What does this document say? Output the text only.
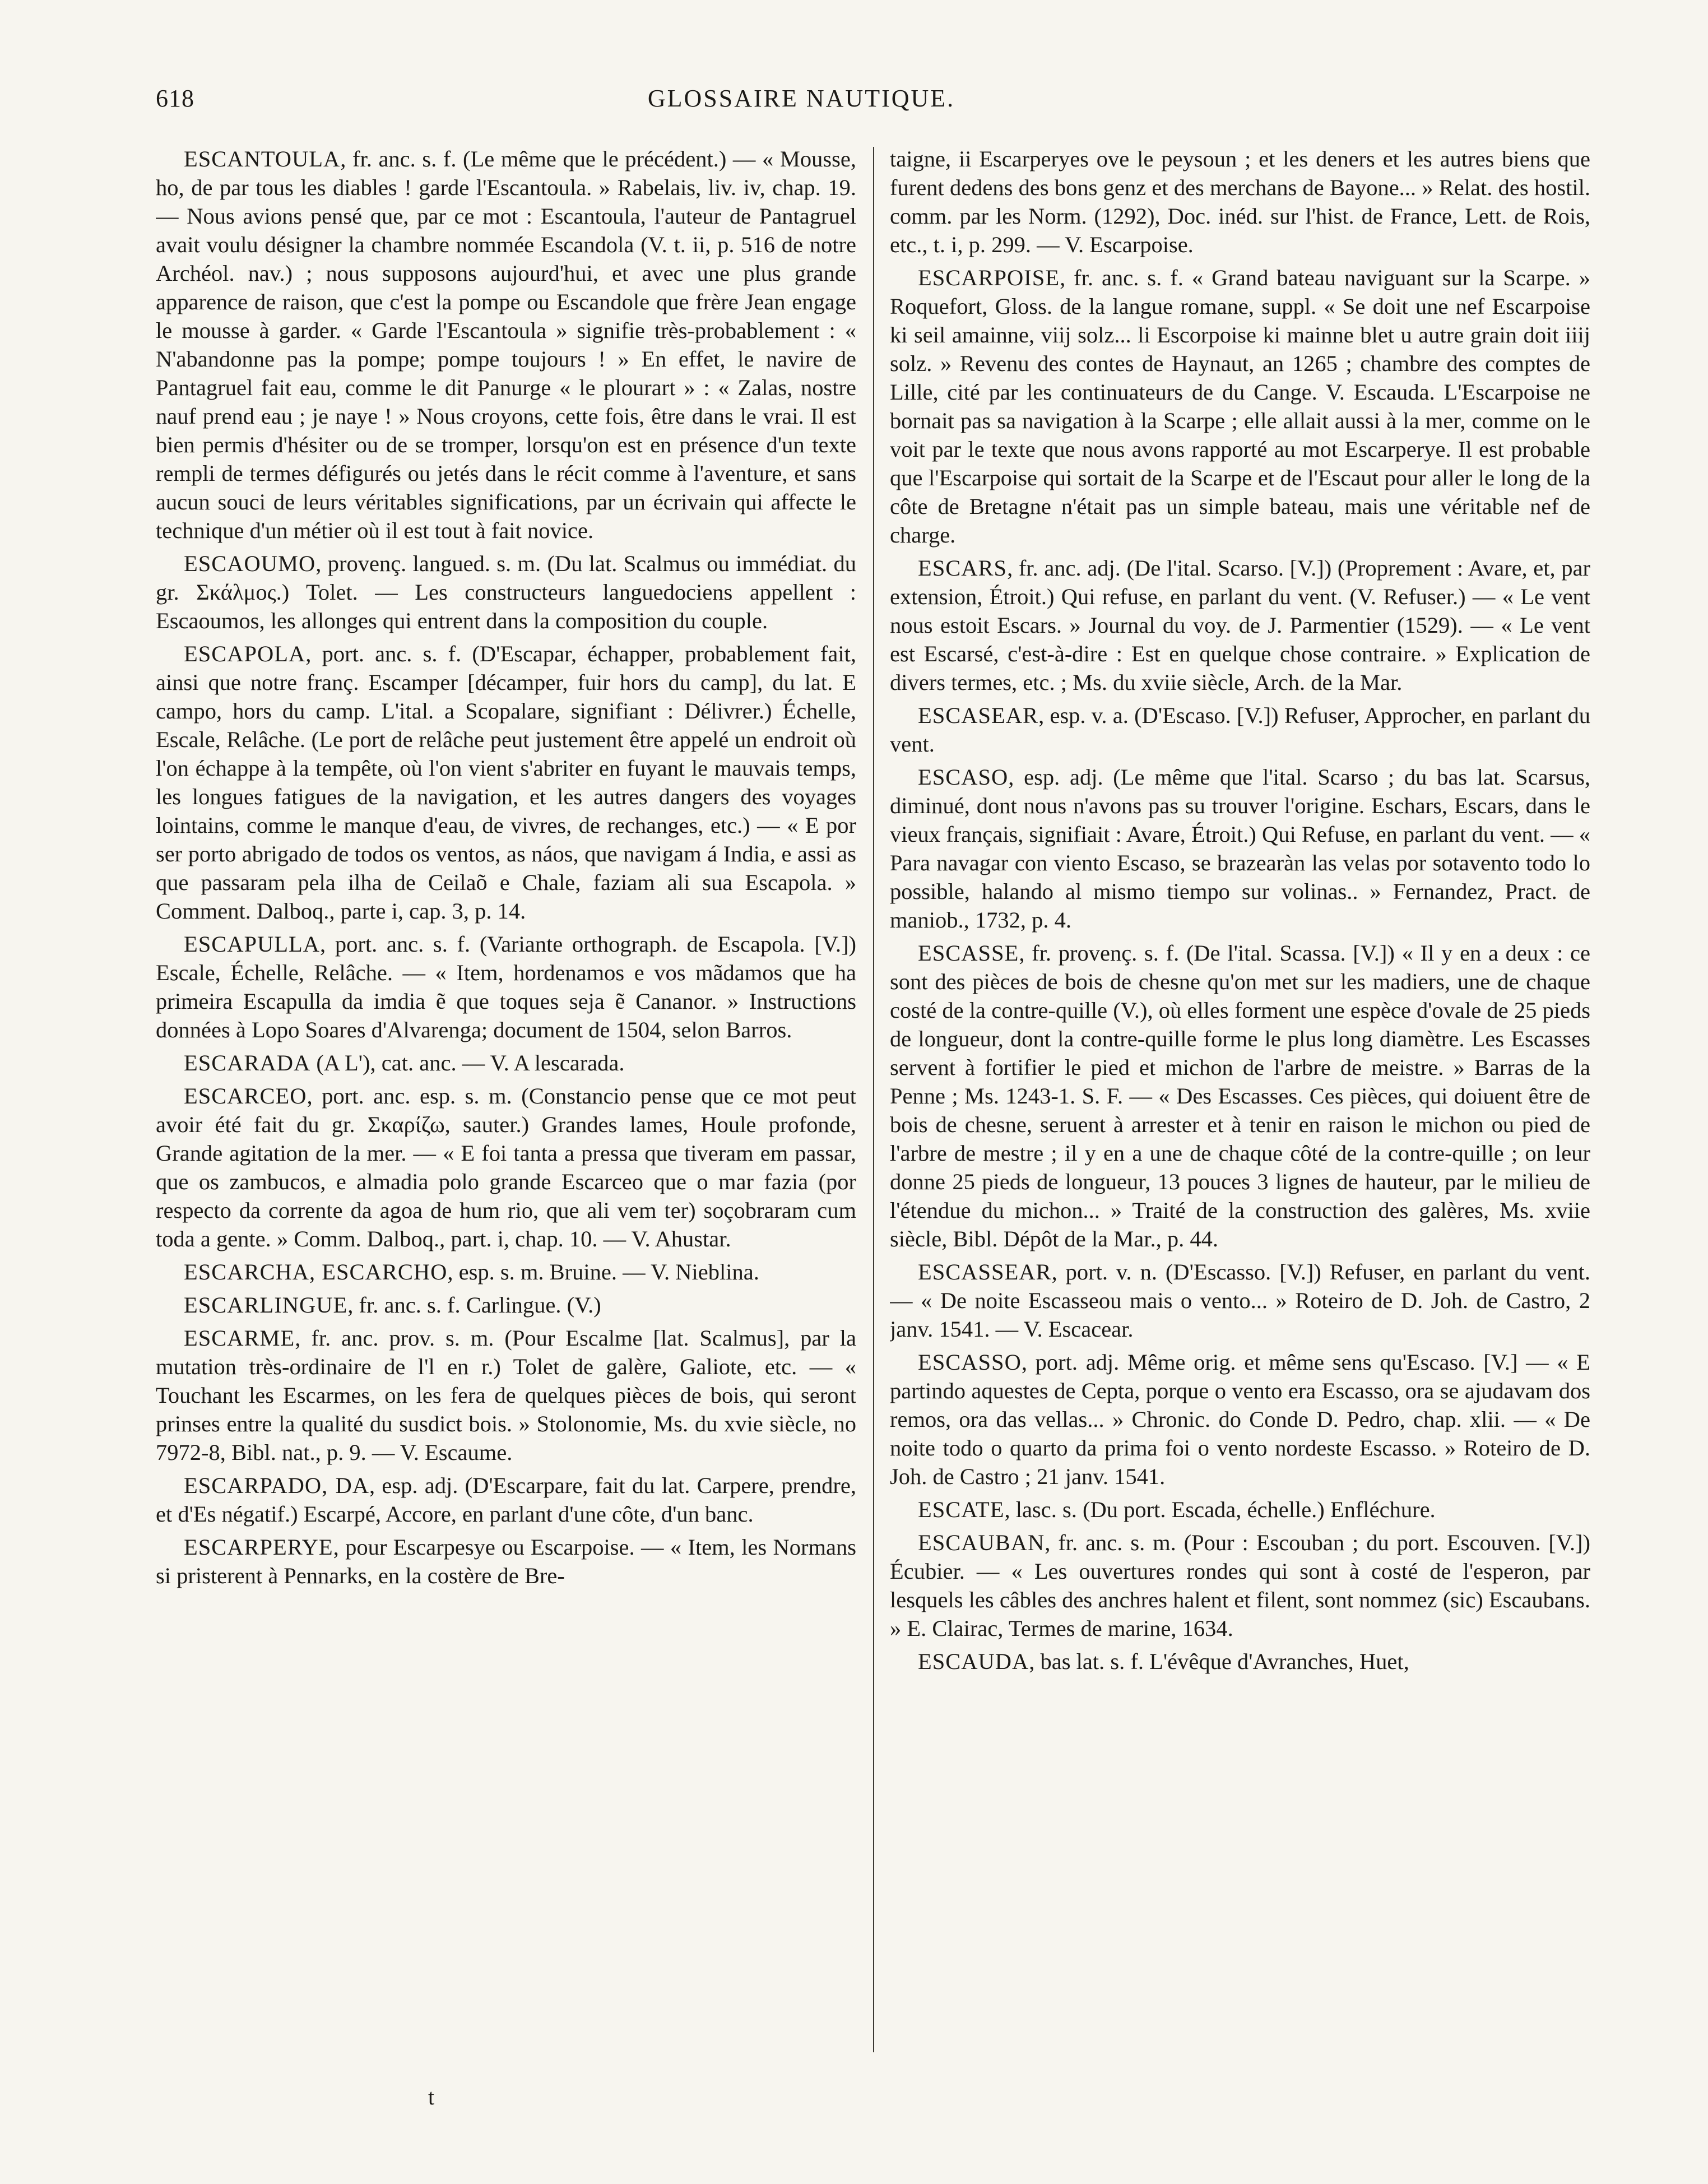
618	GLOSSAIRE NAUTIQUE.

ESCANTOULA, fr. anc. s. f. (Le même que le précédent.) — « Mousse, ho, de par tous les diables ! garde l'Escantoula. » Rabelais, liv. iv, chap. 19. — Nous avions pensé que, par ce mot : Escantoula, l'auteur de Pantagruel avait voulu désigner la chambre nommée Escandola (V. t. ii, p. 516 de notre Archéol. nav.) ; nous supposons aujourd'hui, et avec une plus grande apparence de raison, que c'est la pompe ou Escandole que frère Jean engage le mousse à garder. « Garde l'Escantoula » signifie très-probablement : « N'abandonne pas la pompe; pompe toujours ! » En effet, le navire de Pantagruel fait eau, comme le dit Panurge « le plourart » : « Zalas, nostre nauf prend eau ; je naye ! » Nous croyons, cette fois, être dans le vrai. Il est bien permis d'hésiter ou de se tromper, lorsqu'on est en présence d'un texte rempli de termes défigurés ou jetés dans le récit comme à l'aventure, et sans aucun souci de leurs véritables significations, par un écrivain qui affecte le technique d'un métier où il est tout à fait novice.

ESCAOUMO, provenç. langued. s. m. (Du lat. Scalmus ou immédiat. du gr. Σκάλμος.) Tolet. — Les constructeurs languedociens appellent : Escaoumos, les allonges qui entrent dans la composition du couple.

ESCAPOLA, port. anc. s. f. (D'Escapar, échapper, probablement fait, ainsi que notre franç. Escamper [décamper, fuir hors du camp], du lat. E campo, hors du camp. L'ital. a Scopalare, signifiant : Délivrer.) Échelle, Escale, Relâche. (Le port de relâche peut justement être appelé un endroit où l'on échappe à la tempête, où l'on vient s'abriter en fuyant le mauvais temps, les longues fatigues de la navigation, et les autres dangers des voyages lointains, comme le manque d'eau, de vivres, de rechanges, etc.) — « E por ser porto abrigado de todos os ventos, as náos, que navigam á India, e assi as que passaram pela ilha de Ceilaõ e Chale, faziam ali sua Escapola. » Comment. Dalboq., parte i, cap. 3, p. 14.

ESCAPULLA, port. anc. s. f. (Variante orthograph. de Escapola. [V.]) Escale, Échelle, Relâche. — « Item, hordenamos e vos mãdamos que ha primeira Escapulla da imdia ẽ que toques seja ẽ Cananor. » Instructions données à Lopo Soares d'Alvarenga; document de 1504, selon Barros.

ESCARADA (A L'), cat. anc. — V. A lescarada.

ESCARCEO, port. anc. esp. s. m. (Constancio pense que ce mot peut avoir été fait du gr. Σκαρίζω, sauter.) Grandes lames, Houle profonde, Grande agitation de la mer. — « E foi tanta a pressa que tiveram em passar, que os zambucos, e almadia polo grande Escarceo que o mar fazia (por respecto da corrente da agoa de hum rio, que ali vem ter) soçobraram cum toda a gente. » Comm. Dalboq., part. i, chap. 10. — V. Ahustar.

ESCARCHA, ESCARCHO, esp. s. m. Bruine. — V. Nieblina.

ESCARLINGUE, fr. anc. s. f. Carlingue. (V.)

ESCARME, fr. anc. prov. s. m. (Pour Escalme [lat. Scalmus], par la mutation très-ordinaire de l'l en r.) Tolet de galère, Galiote, etc. — « Touchant les Escarmes, on les fera de quelques pièces de bois, qui seront prinses entre la qualité du susdict bois. » Stolonomie, Ms. du xvie siècle, no 7972-8, Bibl. nat., p. 9. — V. Escaume.

ESCARPADO, DA, esp. adj. (D'Escarpare, fait du lat. Carpere, prendre, et d'Es négatif.) Escarpé, Accore, en parlant d'une côte, d'un banc.

ESCARPERYE, pour Escarpesye ou Escarpoise. — « Item, les Normans si pristerent à Pennarks, en la costère de Bre-

taigne, ii Escarperyes ove le peysoun ; et les deners et les autres biens que furent dedens des bons genz et des merchans de Bayone... » Relat. des hostil. comm. par les Norm. (1292), Doc. inéd. sur l'hist. de France, Lett. de Rois, etc., t. i, p. 299. — V. Escarpoise.

ESCARPOISE, fr. anc. s. f. « Grand bateau naviguant sur la Scarpe. » Roquefort, Gloss. de la langue romane, suppl. « Se doit une nef Escarpoise ki seil amainne, viij solz... li Escorpoise ki mainne blet u autre grain doit iiij solz. » Revenu des contes de Haynaut, an 1265 ; chambre des comptes de Lille, cité par les continuateurs de du Cange. V. Escauda. L'Escarpoise ne bornait pas sa navigation à la Scarpe ; elle allait aussi à la mer, comme on le voit par le texte que nous avons rapporté au mot Escarperye. Il est probable que l'Escarpoise qui sortait de la Scarpe et de l'Escaut pour aller le long de la côte de Bretagne n'était pas un simple bateau, mais une véritable nef de charge.

ESCARS, fr. anc. adj. (De l'ital. Scarso. [V.]) (Proprement : Avare, et, par extension, Étroit.) Qui refuse, en parlant du vent. (V. Refuser.) — « Le vent nous estoit Escars. » Journal du voy. de J. Parmentier (1529). — « Le vent est Escarsé, c'est-à-dire : Est en quelque chose contraire. » Explication de divers termes, etc. ; Ms. du xviie siècle, Arch. de la Mar.

ESCASEAR, esp. v. a. (D'Escaso. [V.]) Refuser, Approcher, en parlant du vent.

ESCASO, esp. adj. (Le même que l'ital. Scarso ; du bas lat. Scarsus, diminué, dont nous n'avons pas su trouver l'origine. Eschars, Escars, dans le vieux français, signifiait : Avare, Étroit.) Qui Refuse, en parlant du vent. — « Para navagar con viento Escaso, se brazearàn las velas por sotavento todo lo possible, halando al mismo tiempo sur volinas.. » Fernandez, Pract. de maniob., 1732, p. 4.

ESCASSE, fr. provenç. s. f. (De l'ital. Scassa. [V.]) « Il y en a deux : ce sont des pièces de bois de chesne qu'on met sur les madiers, une de chaque costé de la contre-quille (V.), où elles forment une espèce d'ovale de 25 pieds de longueur, dont la contre-quille forme le plus long diamètre. Les Escasses servent à fortifier le pied et michon de l'arbre de meistre. » Barras de la Penne ; Ms. 1243-1. S. F. — « Des Escasses. Ces pièces, qui doiuent être de bois de chesne, seruent à arrester et à tenir en raison le michon ou pied de l'arbre de mestre ; il y en a une de chaque côté de la contre-quille ; on leur donne 25 pieds de longueur, 13 pouces 3 lignes de hauteur, par le milieu de l'étendue du michon... » Traité de la construction des galères, Ms. xviie siècle, Bibl. Dépôt de la Mar., p. 44.

ESCASSEAR, port. v. n. (D'Escasso. [V.]) Refuser, en parlant du vent. — « De noite Escasseou mais o vento... » Roteiro de D. Joh. de Castro, 2 janv. 1541. — V. Escacear.

ESCASSO, port. adj. Même orig. et même sens qu'Escaso. [V.] — « E partindo aquestes de Cepta, porque o vento era Escasso, ora se ajudavam dos remos, ora das vellas... » Chronic. do Conde D. Pedro, chap. xlii. — « De noite todo o quarto da prima foi o vento nordeste Escasso. » Roteiro de D. Joh. de Castro ; 21 janv. 1541.

ESCATE, lasc. s. (Du port. Escada, échelle.) Enfléchure.

ESCAUBAN, fr. anc. s. m. (Pour : Escouban ; du port. Escouven. [V.]) Écubier. — « Les ouvertures rondes qui sont à costé de l'esperon, par lesquels les câbles des anchres halent et filent, sont nommez (sic) Escaubans. » E. Clairac, Termes de marine, 1634.

ESCAUDA, bas lat. s. f. L'évêque d'Avranches, Huet,

t
